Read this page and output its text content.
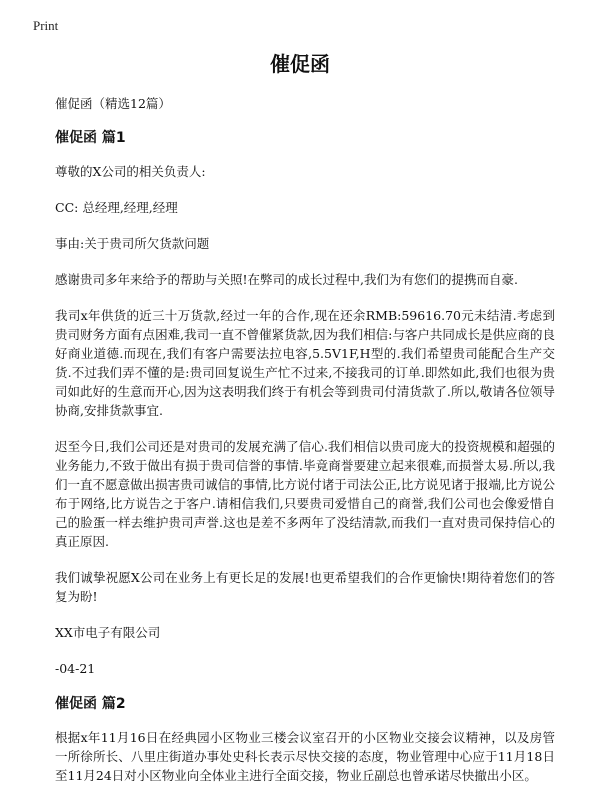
Print
催促函

催促函（精选12篇）

催促函 篇1

尊敬的X公司的相关负责人:

CC: 总经理,经理,经理

事由:关于贵司所欠货款问题

感谢贵司多年来给予的帮助与关照!在弊司的成长过程中,我们为有您们的提携而自豪.

我司x年供货的近三十万货款,经过一年的合作,现在还余RMB:59616.70元未结清.考虑到贵司财务方面有点困难,我司一直不曾催紧货款,因为我们相信:与客户共同成长是供应商的良好商业道德.而现在,我们有客户需要法拉电容,5.5V1F,H型的.我们希望贵司能配合生产交货.不过我们弄不懂的是:贵司回复说生产忙不过来,不接我司的订单.即然如此,我们也很为贵司如此好的生意而开心,因为这表明我们终于有机会等到贵司付清货款了.所以,敬请各位领导协商,安排货款事宜.

迟至今日,我们公司还是对贵司的发展充满了信心.我们相信以贵司庞大的投资规模和超强的业务能力,不致于做出有损于贵司信誉的事情.毕竟商誉要建立起来很难,而损誉太易.所以,我们一直不愿意做出损害贵司诚信的事情,比方说付诸于司法公正,比方说见诸于报端,比方说公布于网络,比方说告之于客户.请相信我们,只要贵司爱惜自己的商誉,我们公司也会像爱惜自己的脸蛋一样去维护贵司声誉.这也是差不多两年了没结清款,而我们一直对贵司保持信心的真正原因.

我们诚挚祝愿X公司在业务上有更长足的发展!也更希望我们的合作更愉快!期待着您们的答复为盼!

XX市电子有限公司

-04-21

催促函 篇2

根据x年11月16日在经典园小区物业三楼会议室召开的小区物业交接会议精神，以及房管一所徐所长、八里庄街道办事处史科长表示尽快交接的态度，物业管理中心应于11月18日至11月24日对小区物业向全体业主进行全面交接，物业丘副总也曾承诺尽快撤出小区。
